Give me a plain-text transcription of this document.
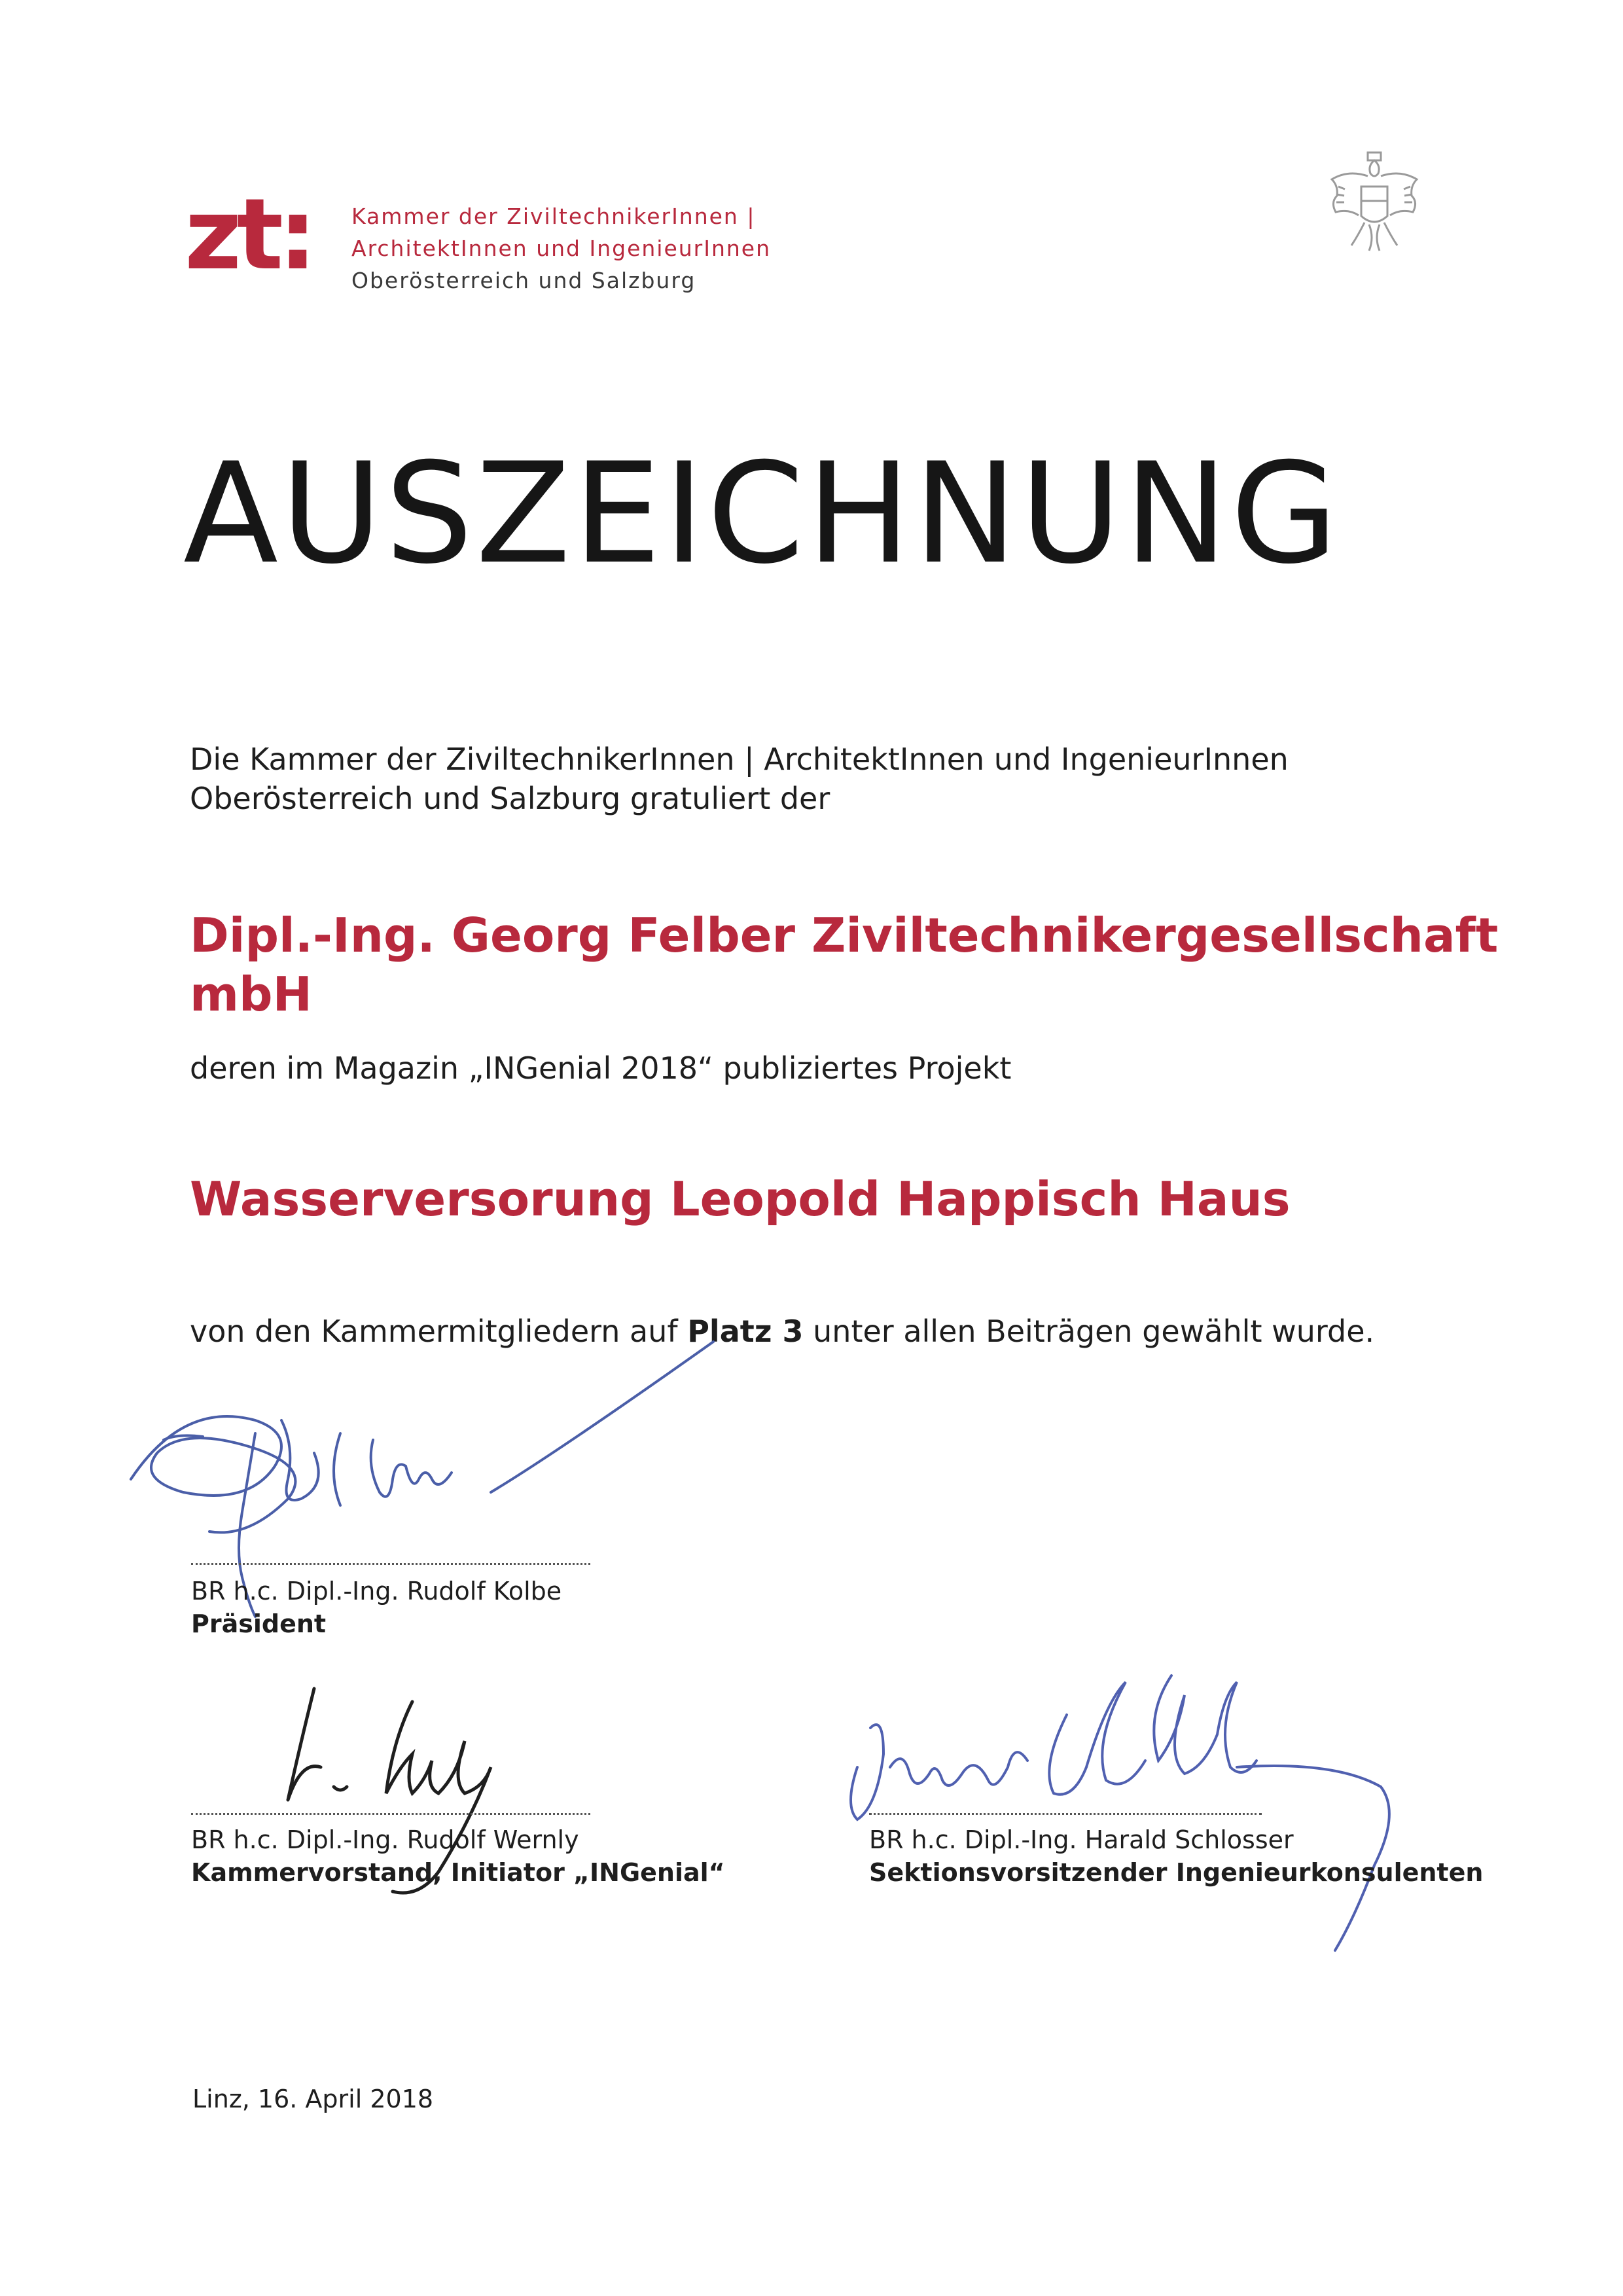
zt: Kammer der ZiviltechnikerInnen |
ArchitektInnen und IngenieurInnen
Oberösterreich und Salzburg
AUSZEICHNUNG
Die Kammer der ZiviltechnikerInnen | ArchitektInnen und IngenieurInnen
Oberösterreich und Salzburg gratuliert der
Dipl.-Ing. Georg Felber Ziviltechnikergesellschaft mbH
deren im Magazin „INGenial 2018“ publiziertes Projekt
Wasserversorung Leopold Happisch Haus
von den Kammermitgliedern auf Platz 3 unter allen Beiträgen gewählt wurde.
BR h.c. Dipl.-Ing. Rudolf Kolbe
Präsident
BR h.c. Dipl.-Ing. Rudolf Wernly
Kammervorstand, Initiator „INGenial“
BR h.c. Dipl.-Ing. Harald Schlosser
Sektionsvorsitzender Ingenieurkonsulenten
Linz, 16. April 2018
